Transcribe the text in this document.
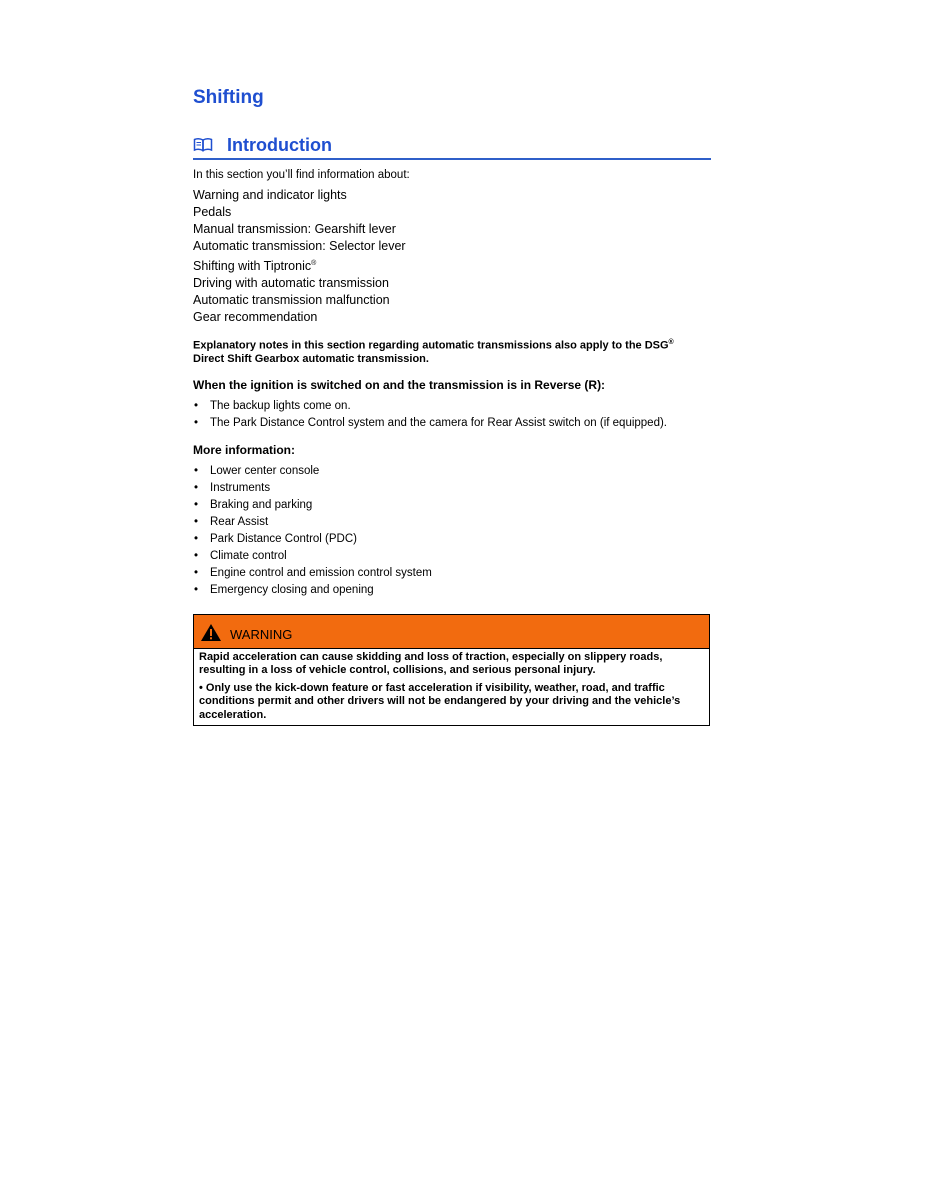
Shifting
Introduction
In this section you’ll find information about:
Warning and indicator lights
Pedals
Manual transmission: Gearshift lever
Automatic transmission: Selector lever
Shifting with Tiptronic®
Driving with automatic transmission
Automatic transmission malfunction
Gear recommendation
Explanatory notes in this section regarding automatic transmissions also apply to the DSG®
Direct Shift Gearbox automatic transmission.
When the ignition is switched on and the transmission is in Reverse (R):
• The backup lights come on.
• The Park Distance Control system and the camera for Rear Assist switch on (if equipped).
More information:
• Lower center console
• Instruments
• Braking and parking
• Rear Assist
• Park Distance Control (PDC)
• Climate control
• Engine control and emission control system
• Emergency closing and opening
WARNING

Rapid acceleration can cause skidding and loss of traction, especially on slippery roads, resulting in a loss of vehicle control, collisions, and serious personal injury.

• Only use the kick-down feature or fast acceleration if visibility, weather, road, and traffic conditions permit and other drivers will not be endangered by your driving and the vehicle’s acceleration.
